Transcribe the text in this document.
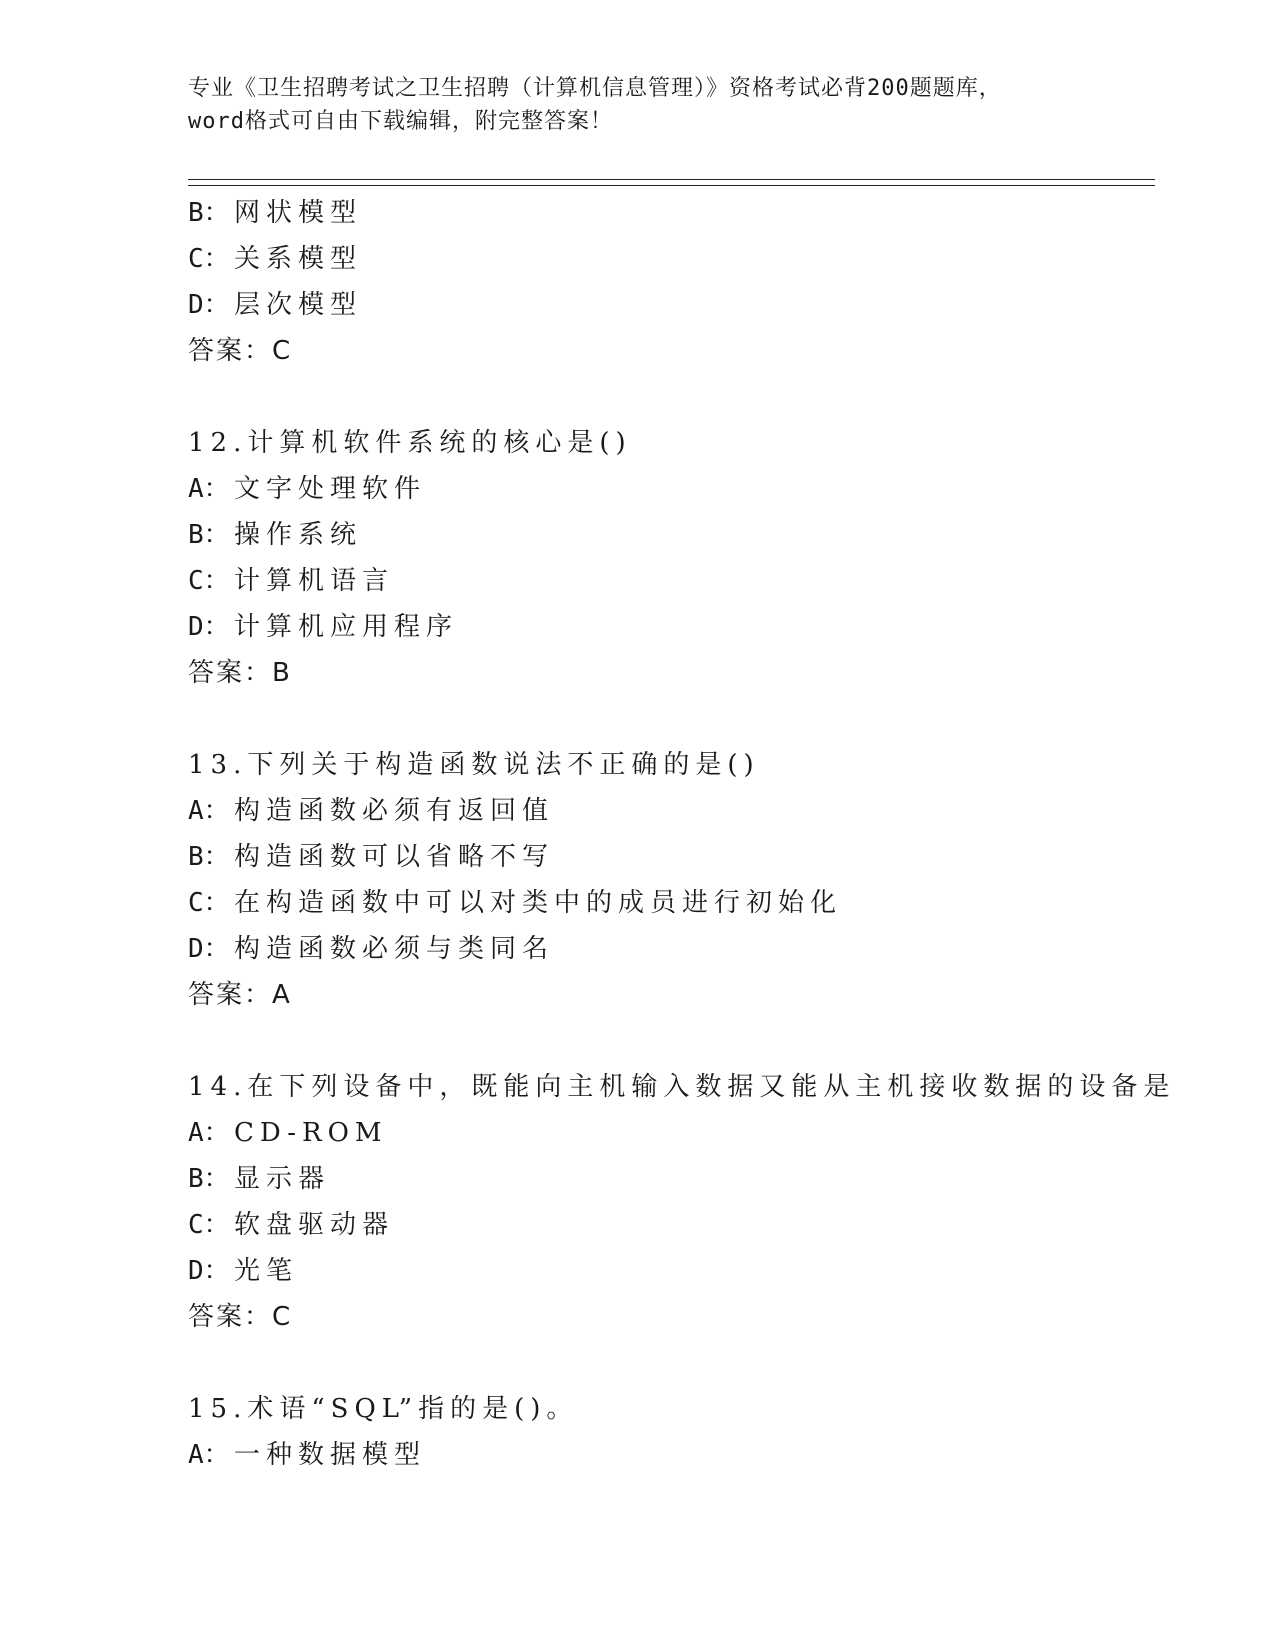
专业《卫生招聘考试之卫生招聘（计算机信息管理）》资格考试必背200题题库，
word格式可自由下载编辑，附完整答案！
B： 网状模型
C： 关系模型
D： 层次模型
答案：C
12.计算机软件系统的核心是()
A： 文字处理软件
B： 操作系统
C： 计算机语言
D： 计算机应用程序
答案：B
13.下列关于构造函数说法不正确的是()
A： 构造函数必须有返回值
B： 构造函数可以省略不写
C： 在构造函数中可以对类中的成员进行初始化
D： 构造函数必须与类同名
答案：A
14.在下列设备中，既能向主机输入数据又能从主机接收数据的设备是
A： CD-ROM
B： 显示器
C： 软盘驱动器
D： 光笔
答案：C
15.术语“SQL”指的是()。
A： 一种数据模型
